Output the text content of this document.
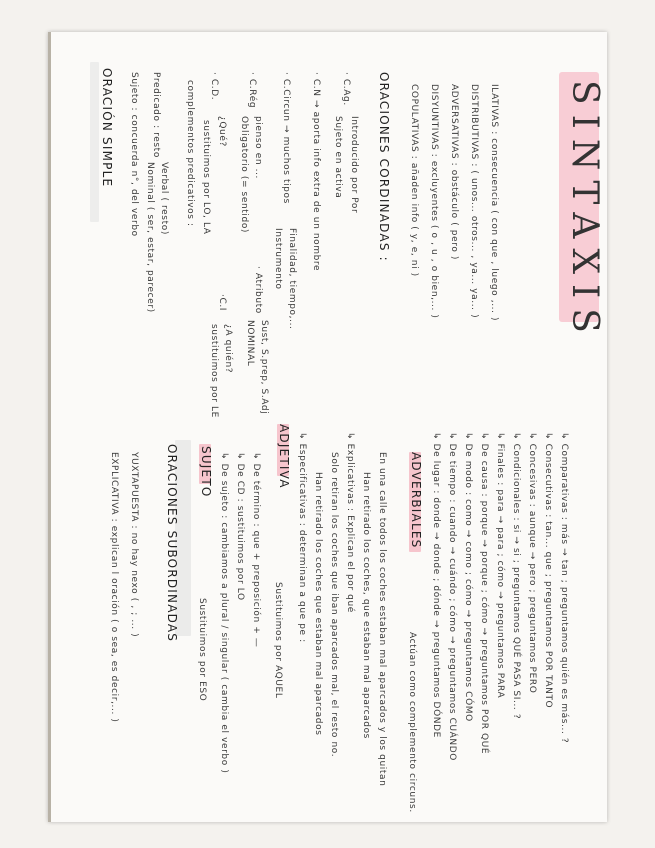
SINTAXIS
ORACIÓN SIMPLE Sujeto : concuerda n°, del verbo Predicado : resto
Nominal ( ser, estar, parecer) Verbal ( resto) complementos predicativos : · C.D.
sustituimos por LO, LA ¿Qué?
·C.I
sustituimos por LE ¿A quién?
· C.Rég
Obligatorio (= sentido) pienso en ...
· Atributo
NOMINAL Sust, S.prep, S.Adj
· C.Circun → muchos tipos
Instrumento Finalidad, tiempo,...
· C.N → aporta info extra de un nombre · C.Ag.
Sujeto en activa Introducido por Por ORACIONES CORDINADAS : COPULATIVAS : añaden info ( y, e, ni ) DISYUNTIVAS : excluyentes ( o , u , o bien,... ) ADVERSATIVAS : obstáculo ( pero ) DISTRIBUTIVAS : ( unos... otros... , ya... ya... ) ILATIVAS : consecuencia ( con que , luego ,... )
EXPLICATIVA : explican l oración ( o sea, es decir,... ) YUXTAPUESTA : no hay nexo ( , ; ... ) ORACIONES SUBORDINADAS SUJETO
Sustituimos por ESO ↳ De sujeto : cambiamos a plural / singular ( cambia el verbo ) ↳ De CD : sustituimos por LO ↳ De término : que + preposición + — ADJETIVA
Sustituimos por AQUEL ↳ Especificativas : determinan a que pe : Han retirado los coches que estaban mal aparcados Solo retiran los coches que iban aparcados mal, el resto no. ↳ Explicativas : Explican el por qué Han retirado los coches, que estaban mal aparcados En una calle todos los coches estaban mal aparcados y los quitan ADVERBIALES
Actúan como complemento circuns. ↳ De lugar : donde → donde ; dónde → preguntamos DÓNDE ↳ De tiempo : cuando → cuándo ; cómo → preguntamos CUÁNDO ↳ De modo : como → como ; cómo → preguntamos CÓMO ↳ De causa : porque → porque ; cómo → preguntamos POR QUÉ ↳ Finales : para → para ; cómo → preguntamos PARA ↳ Condicionales : si → si ; preguntamos QUÉ PASA SI... ? ↳ Concesivas : aunque → pero ; preguntamos PERO ↳ Consecutivas : tan... que ; preguntamos POR TANTO ↳ Comparativas : más → tan ; preguntamos quién es más... ?
